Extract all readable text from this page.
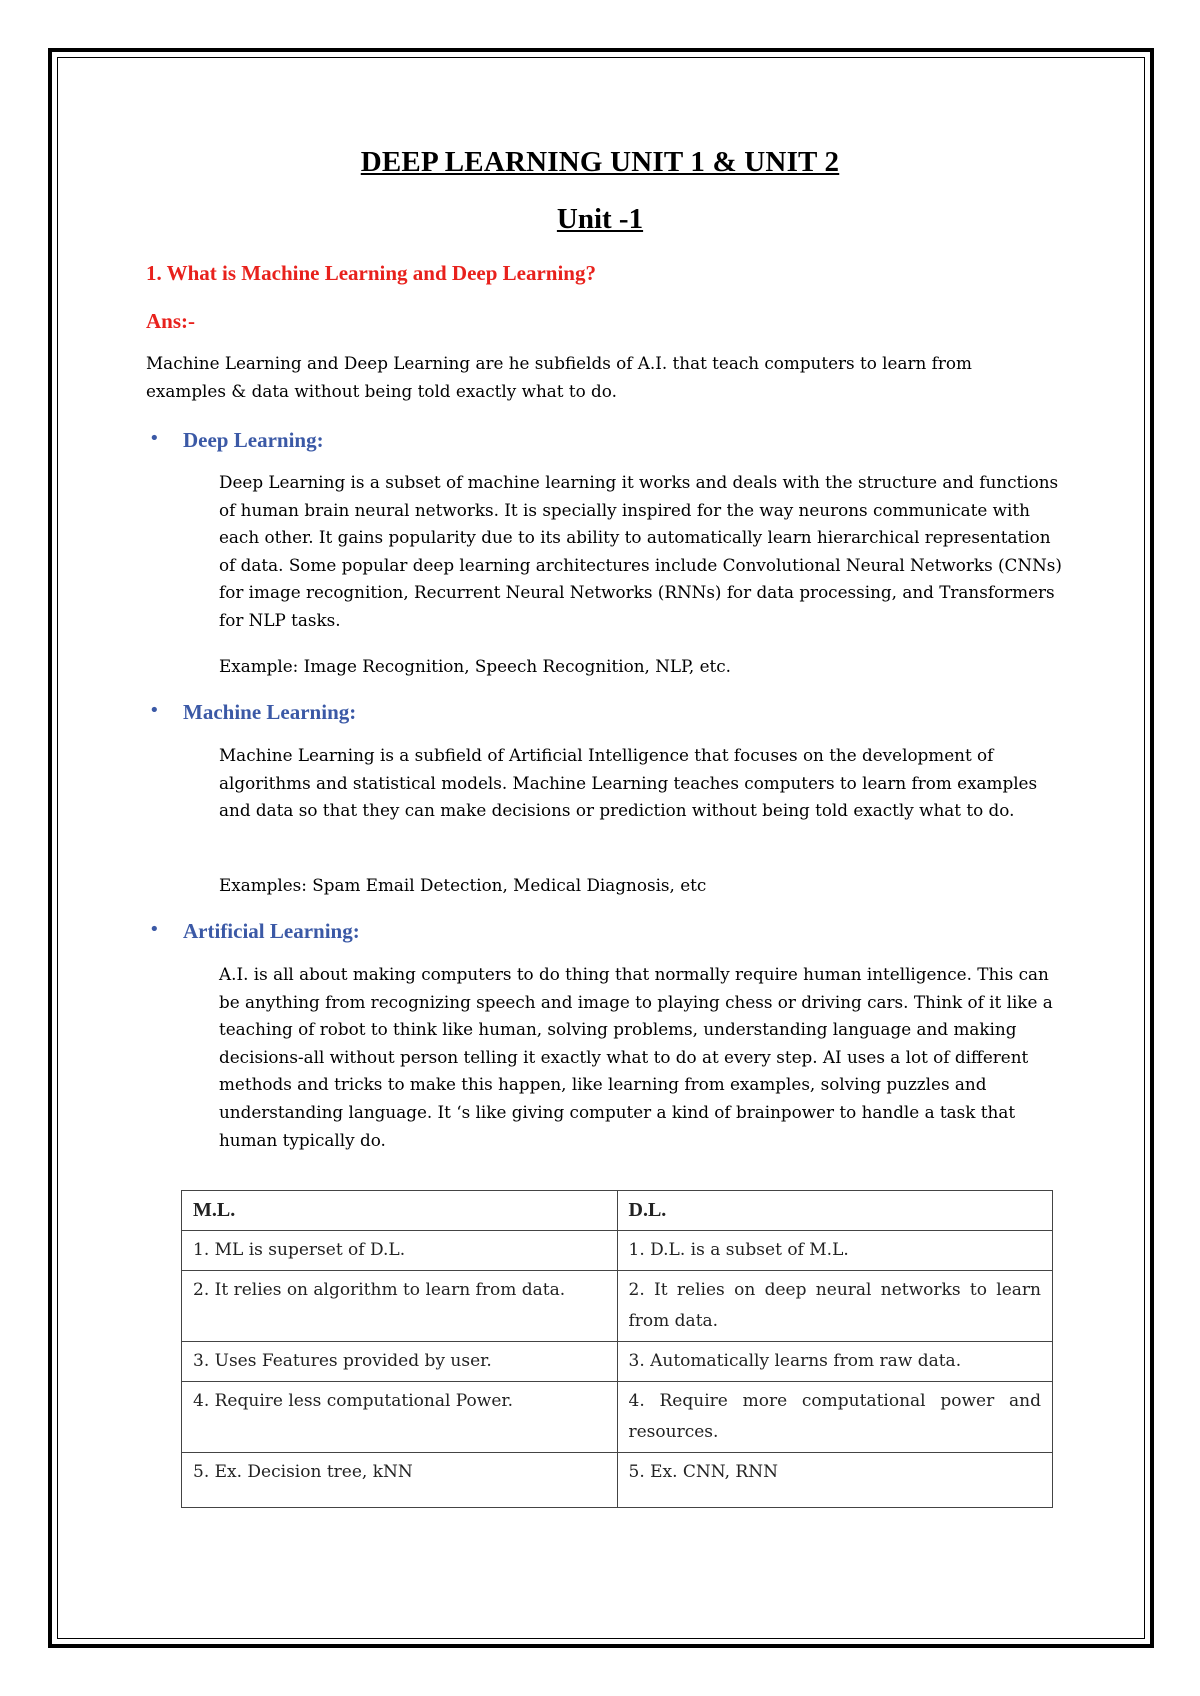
DEEP LEARNING UNIT 1 & UNIT 2
Unit -1
1. What is Machine Learning and Deep Learning?
Ans:-

Machine Learning and Deep Learning are he subfields of A.I. that teach computers to learn from examples & data without being told exactly what to do.

• Deep Learning:

Deep Learning is a subset of machine learning it works and deals with the structure and functions of human brain neural networks. It is specially inspired for the way neurons communicate with each other. It gains popularity due to its ability to automatically learn hierarchical representation of data. Some popular deep learning architectures include Convolutional Neural Networks (CNNs) for image recognition, Recurrent Neural Networks (RNNs) for data processing, and Transformers for NLP tasks.

Example: Image Recognition, Speech Recognition, NLP, etc.

• Machine Learning:

Machine Learning is a subfield of Artificial Intelligence that focuses on the development of algorithms and statistical models. Machine Learning teaches computers to learn from examples and data so that they can make decisions or prediction without being told exactly what to do.

Examples: Spam Email Detection, Medical Diagnosis, etc

• Artificial Learning:

A.I. is all about making computers to do thing that normally require human intelligence. This can be anything from recognizing speech and image to playing chess or driving cars. Think of it like a teaching of robot to think like human, solving problems, understanding language and making decisions-all without person telling it exactly what to do at every step. AI uses a lot of different methods and tricks to make this happen, like learning from examples, solving puzzles and understanding language. It ‘s like giving computer a kind of brainpower to handle a task that human typically do.

M.L.	D.L.
1. ML is superset of D.L.	1. D.L. is a subset of M.L.

2. It relies on algorithm to learn from data.	2. It relies on deep neural networks to learn from data.
3. Uses Features provided by user.	3. Automatically learns from raw data.
4. Require less computational Power.	4. Require more computational power and resources.
5. Ex. Decision tree, kNN	5. Ex. CNN, RNN
